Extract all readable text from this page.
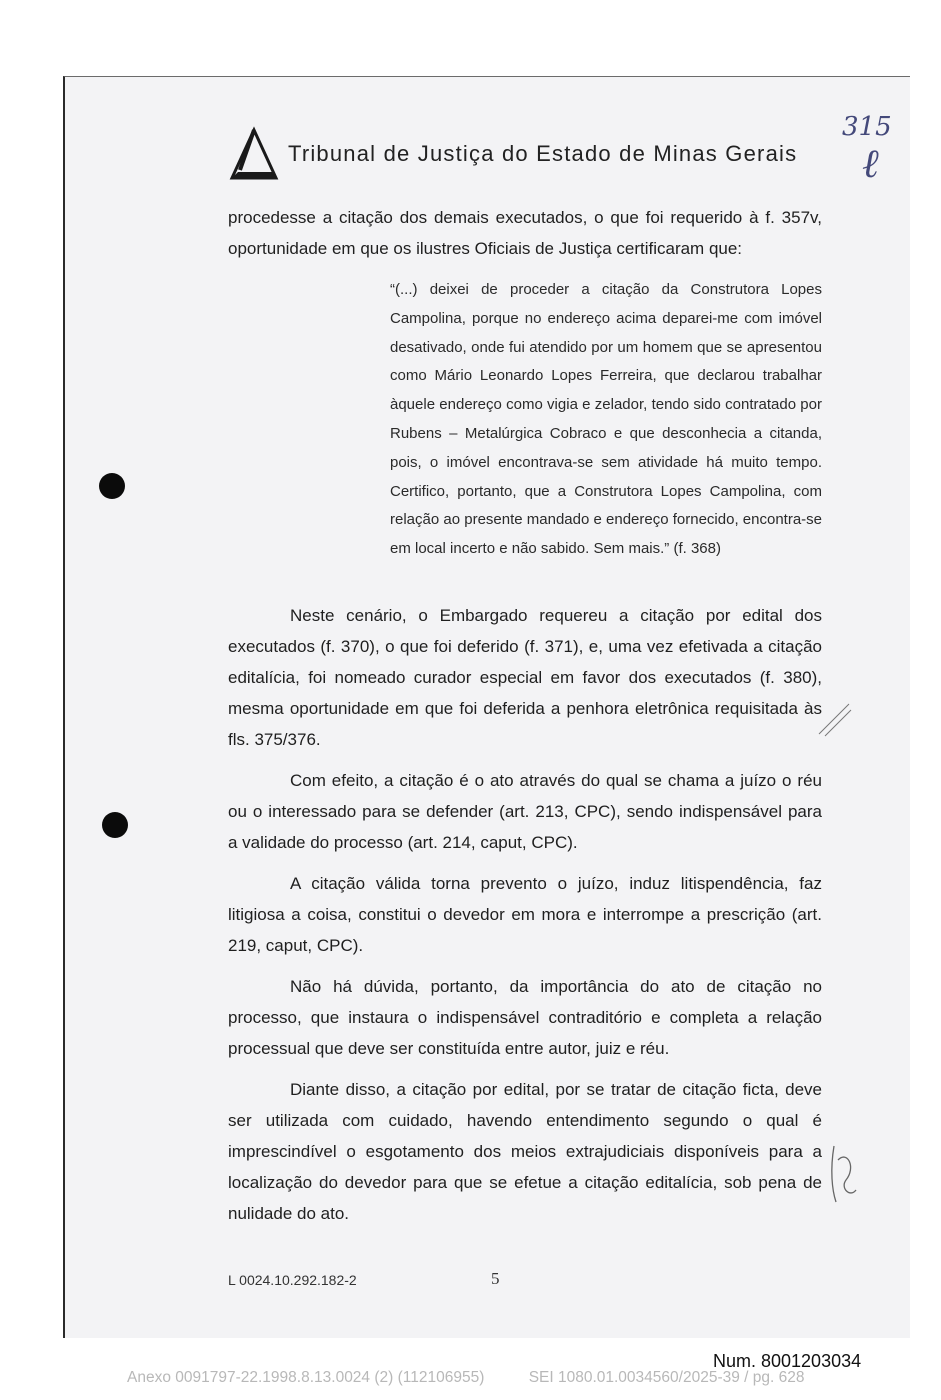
Tribunal de Justiça do Estado de Minas Gerais
315
ℓ

procedesse a citação dos demais executados, o que foi requerido à f. 357v, oportunidade em que os ilustres Oficiais de Justiça certificaram que:

“(...) deixei de proceder a citação da Construtora Lopes Campolina, porque no endereço acima deparei-me com imóvel desativado, onde fui atendido por um homem que se apresentou como Mário Leonardo Lopes Ferreira, que declarou trabalhar àquele endereço como vigia e zelador, tendo sido contratado por Rubens – Metalúrgica Cobraco e que desconhecia a citanda, pois, o imóvel encontrava-se sem atividade há muito tempo. Certifico, portanto, que a Construtora Lopes Campolina, com relação ao presente mandado e endereço fornecido, encontra-se em local incerto e não sabido. Sem mais.” (f. 368)

Neste cenário, o Embargado requereu a citação por edital dos executados (f. 370), o que foi deferido (f. 371), e, uma vez efetivada a citação editalícia, foi nomeado curador especial em favor dos executados (f. 380), mesma oportunidade em que foi deferida a penhora eletrônica requisitada às fls. 375/376.

Com efeito, a citação é o ato através do qual se chama a juízo o réu ou o interessado para se defender (art. 213, CPC), sendo indispensável para a validade do processo (art. 214, caput, CPC).

A citação válida torna prevento o juízo, induz litispendência, faz litigiosa a coisa, constitui o devedor em mora e interrompe a prescrição (art. 219, caput, CPC).

Não há dúvida, portanto, da importância do ato de citação no processo, que instaura o indispensável contraditório e completa a relação processual que deve ser constituída entre autor, juiz e réu.

Diante disso, a citação por edital, por se tratar de citação ficta, deve ser utilizada com cuidado, havendo entendimento segundo o qual é imprescindível o esgotamento dos meios extrajudiciais disponíveis para a localização do devedor para que se efetue a citação editalícia, sob pena de nulidade do ato.

L 0024.10.292.182-2	5
Num. 8001203034
Anexo 0091797-22.1998.8.13.0024 (2) (112106955)	SEI 1080.01.0034560/2025-39 / pg. 628
